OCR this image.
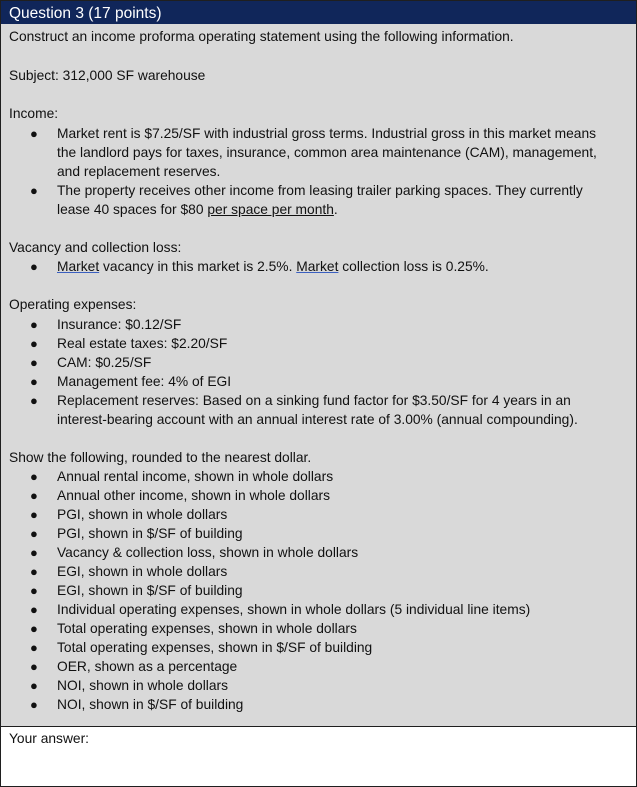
Question 3 (17 points)

Construct an income proforma operating statement using the following information.

Subject: 312,000 SF warehouse

Income:

● Market rent is $7.25/SF with industrial gross terms. Industrial gross in this market means the landlord pays for taxes, insurance, common area maintenance (CAM), management, and replacement reserves.
● The property receives other income from leasing trailer parking spaces. They currently lease 40 spaces for $80 per space per month.

Vacancy and collection loss:

● Market vacancy in this market is 2.5%. Market collection loss is 0.25%.

Operating expenses:

● Insurance: $0.12/SF
● Real estate taxes: $2.20/SF
● CAM: $0.25/SF
● Management fee: 4% of EGI
● Replacement reserves: Based on a sinking fund factor for $3.50/SF for 4 years in an interest-bearing account with an annual interest rate of 3.00% (annual compounding).

Show the following, rounded to the nearest dollar.

● Annual rental income, shown in whole dollars
● Annual other income, shown in whole dollars
● PGI, shown in whole dollars
● PGI, shown in $/SF of building
● Vacancy & collection loss, shown in whole dollars
● EGI, shown in whole dollars
● EGI, shown in $/SF of building
● Individual operating expenses, shown in whole dollars (5 individual line items)
● Total operating expenses, shown in whole dollars
● Total operating expenses, shown in $/SF of building
● OER, shown as a percentage
● NOI, shown in whole dollars
● NOI, shown in $/SF of building
Your answer:
